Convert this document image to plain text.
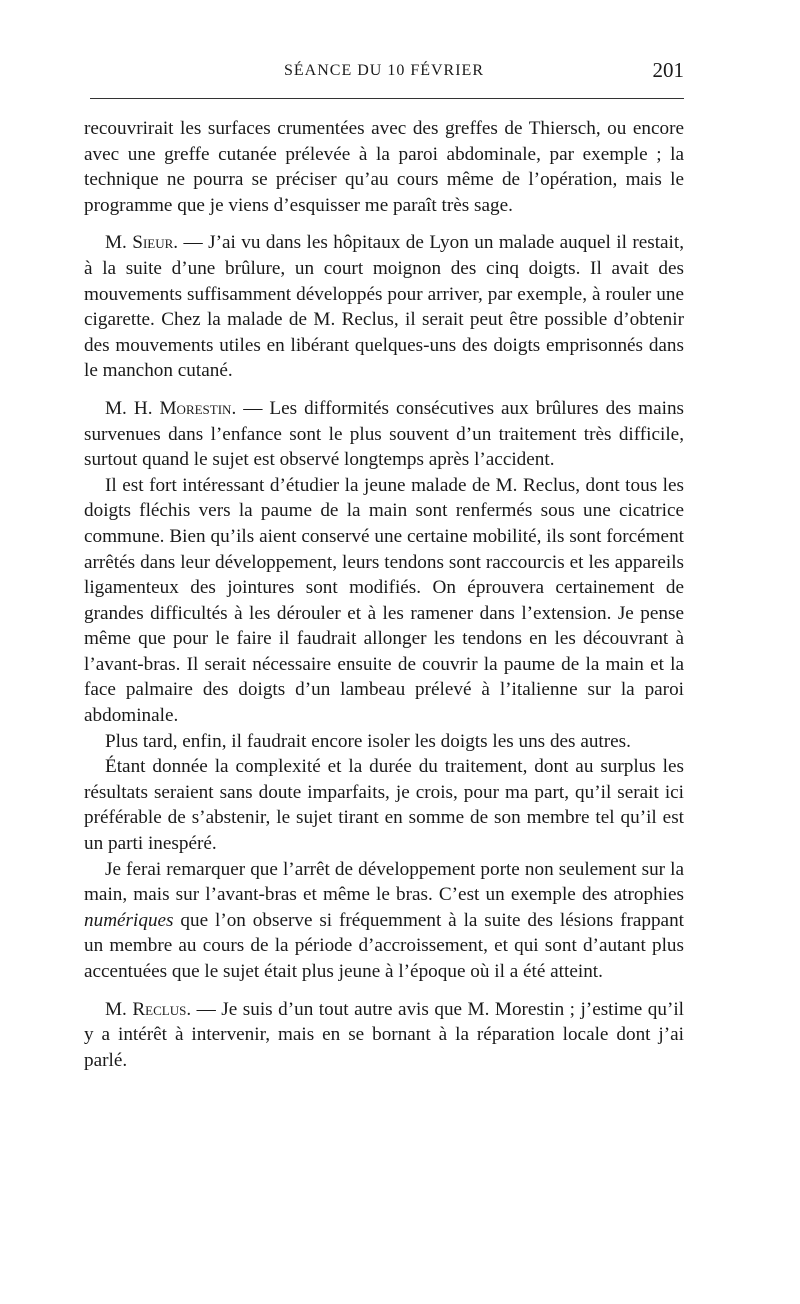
SÉANCE DU 10 FÉVRIER	201

recouvrirait les surfaces crumentées avec des greffes de Thiersch, ou encore avec une greffe cutanée prélevée à la paroi abdominale, par exemple ; la technique ne pourra se préciser qu’au cours même de l’opération, mais le programme que je viens d’esquisser me paraît très sage.

M. Sieur. — J’ai vu dans les hôpitaux de Lyon un malade auquel il restait, à la suite d’une brûlure, un court moignon des cinq doigts. Il avait des mouvements suffisamment développés pour arriver, par exemple, à rouler une cigarette. Chez la malade de M. Reclus, il serait peut être possible d’obtenir des mouvements utiles en libérant quelques-uns des doigts emprisonnés dans le manchon cutané.

M. H. Morestin. — Les difformités consécutives aux brûlures des mains survenues dans l’enfance sont le plus souvent d’un traitement très difficile, surtout quand le sujet est observé longtemps après l’accident.

Il est fort intéressant d’étudier la jeune malade de M. Reclus, dont tous les doigts fléchis vers la paume de la main sont renfermés sous une cicatrice commune. Bien qu’ils aient conservé une certaine mobilité, ils sont forcément arrêtés dans leur développement, leurs tendons sont raccourcis et les appareils ligamenteux des jointures sont modifiés. On éprouvera certainement de grandes difficultés à les dérouler et à les ramener dans l’extension. Je pense même que pour le faire il faudrait allonger les tendons en les découvrant à l’avant-bras. Il serait nécessaire ensuite de couvrir la paume de la main et la face palmaire des doigts d’un lambeau prélevé à l’italienne sur la paroi abdominale.

Plus tard, enfin, il faudrait encore isoler les doigts les uns des autres.

Étant donnée la complexité et la durée du traitement, dont au surplus les résultats seraient sans doute imparfaits, je crois, pour ma part, qu’il serait ici préférable de s’abstenir, le sujet tirant en somme de son membre tel qu’il est un parti inespéré.

Je ferai remarquer que l’arrêt de développement porte non seulement sur la main, mais sur l’avant-bras et même le bras. C’est un exemple des atrophies numériques que l’on observe si fréquemment à la suite des lésions frappant un membre au cours de la période d’accroissement, et qui sont d’autant plus accentuées que le sujet était plus jeune à l’époque où il a été atteint.

M. Reclus. — Je suis d’un tout autre avis que M. Morestin ; j’estime qu’il y a intérêt à intervenir, mais en se bornant à la réparation locale dont j’ai parlé.
